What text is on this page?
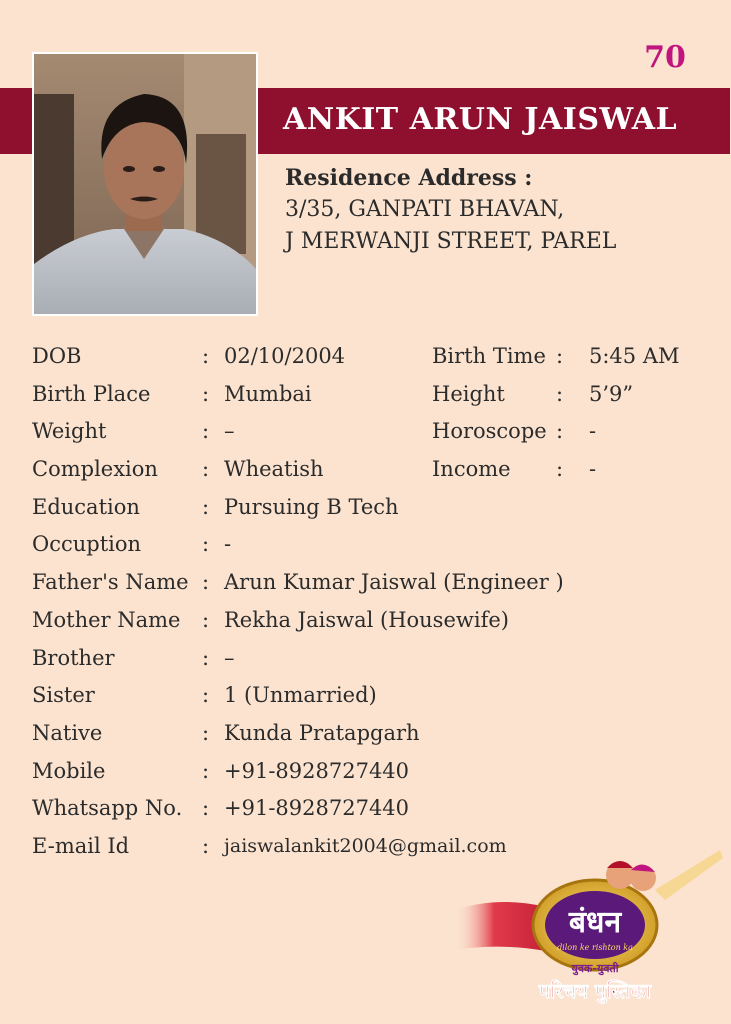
70
ANKIT ARUN JAISWAL
Residence Address :
3/35, GANPATI BHAVAN,
J MERWANJI STREET, PAREL
DOB	: 02/10/2004	Birth Time : 5:45 AM
Birth Place : Mumbai	Height : 5’9”
Weight	: –	Horoscope : -
Complexion : Wheatish	Income : -
Education	: Pursuing B Tech
Occuption	: -
Father's Name : Arun Kumar Jaiswal (Engineer )
Mother Name : Rekha Jaiswal (Housewife)
Brother	: –
Sister	: 1 (Unmarried)
Native	: Kunda Pratapgarh
Mobile	: +91-8928727440
Whatsapp No. : +91-8928727440
E-mail Id	: jaiswalankit2004@gmail.com
बंधन
dilon ke rishton ka
युवक-युवती
परिचय पुस्तिका
